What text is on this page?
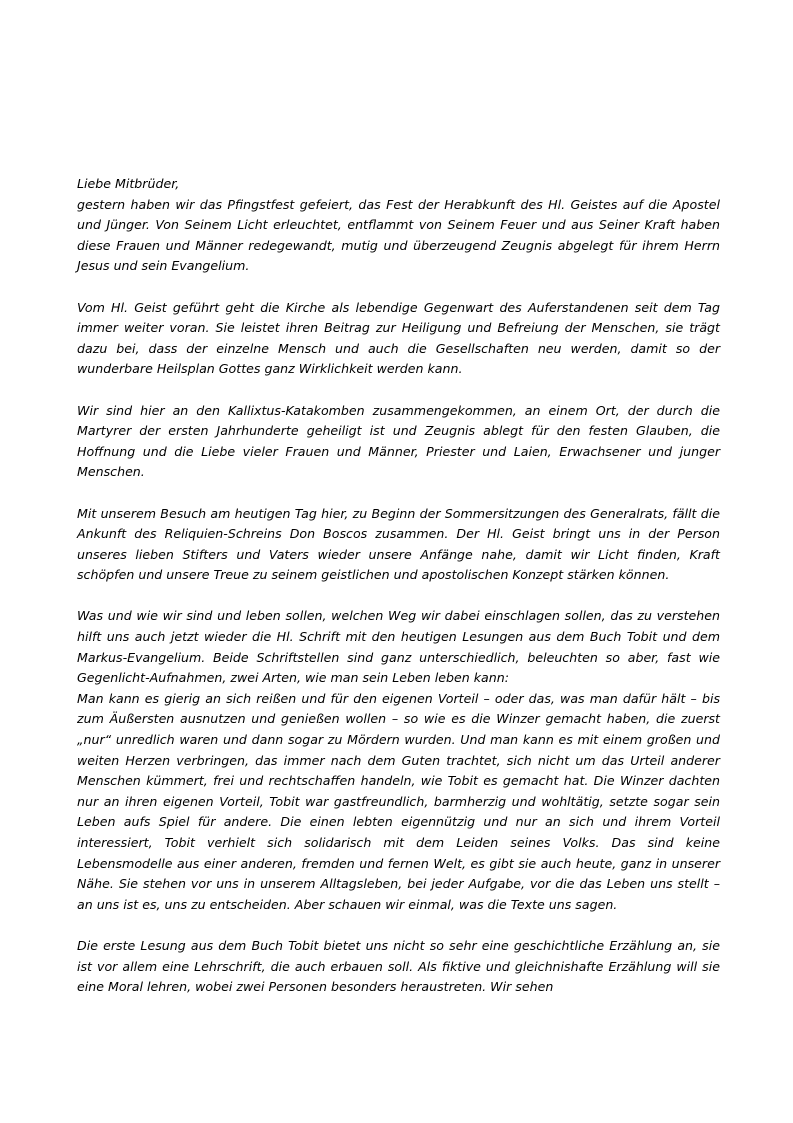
Liebe Mitbrüder,

gestern haben wir das Pfingstfest gefeiert, das Fest der Herabkunft des Hl. Geistes auf die Apostel und Jünger. Von Seinem Licht erleuchtet, entflammt von Seinem Feuer und aus Seiner Kraft haben diese Frauen und Männer redegewandt, mutig und überzeugend Zeugnis abgelegt für ihrem Herrn Jesus und sein Evangelium.

Vom Hl. Geist geführt geht die Kirche als lebendige Gegenwart des Auferstandenen seit dem Tag immer weiter voran. Sie leistet ihren Beitrag zur Heiligung und Befreiung der Menschen, sie trägt dazu bei, dass der einzelne Mensch und auch die Gesellschaften neu werden, damit so der wunderbare Heilsplan Gottes ganz Wirklichkeit werden kann.

Wir sind hier an den Kallixtus-Katakomben zusammengekommen, an einem Ort, der durch die Martyrer der ersten Jahrhunderte geheiligt ist und Zeugnis ablegt für den festen Glauben, die Hoffnung und die Liebe vieler Frauen und Männer, Priester und Laien, Erwachsener und junger Menschen.

Mit unserem Besuch am heutigen Tag hier, zu Beginn der Sommersitzungen des Generalrats, fällt die Ankunft des Reliquien-Schreins Don Boscos zusammen. Der Hl. Geist bringt uns in der Person unseres lieben Stifters und Vaters wieder unsere Anfänge nahe, damit wir Licht finden, Kraft schöpfen und unsere Treue zu seinem geistlichen und apostolischen Konzept stärken können.

Was und wie wir sind und leben sollen, welchen Weg wir dabei einschlagen sollen, das zu verstehen hilft uns auch jetzt wieder die Hl. Schrift mit den heutigen Lesungen aus dem Buch Tobit und dem Markus-Evangelium. Beide Schriftstellen sind ganz unterschiedlich, beleuchten so aber, fast wie Gegenlicht-Aufnahmen, zwei Arten, wie man sein Leben leben kann:

Man kann es gierig an sich reißen und für den eigenen Vorteil – oder das, was man dafür hält – bis zum Äußersten ausnutzen und genießen wollen – so wie es die Winzer gemacht haben, die zuerst „nur“ unredlich waren und dann sogar zu Mördern wurden. Und man kann es mit einem großen und weiten Herzen verbringen, das immer nach dem Guten trachtet, sich nicht um das Urteil anderer Menschen kümmert, frei und rechtschaffen handeln, wie Tobit es gemacht hat. Die Winzer dachten nur an ihren eigenen Vorteil, Tobit war gastfreundlich, barmherzig und wohltätig, setzte sogar sein Leben aufs Spiel für andere. Die einen lebten eigennützig und nur an sich und ihrem Vorteil interessiert, Tobit verhielt sich solidarisch mit dem Leiden seines Volks. Das sind keine Lebensmodelle aus einer anderen, fremden und fernen Welt, es gibt sie auch heute, ganz in unserer Nähe. Sie stehen vor uns in unserem Alltagsleben, bei jeder Aufgabe, vor die das Leben uns stellt – an uns ist es, uns zu entscheiden. Aber schauen wir einmal, was die Texte uns sagen.

Die erste Lesung aus dem Buch Tobit bietet uns nicht so sehr eine geschichtliche Erzählung an, sie ist vor allem eine Lehrschrift, die auch erbauen soll. Als fiktive und gleichnishafte Erzählung will sie eine Moral lehren, wobei zwei Personen besonders heraustreten. Wir sehen
